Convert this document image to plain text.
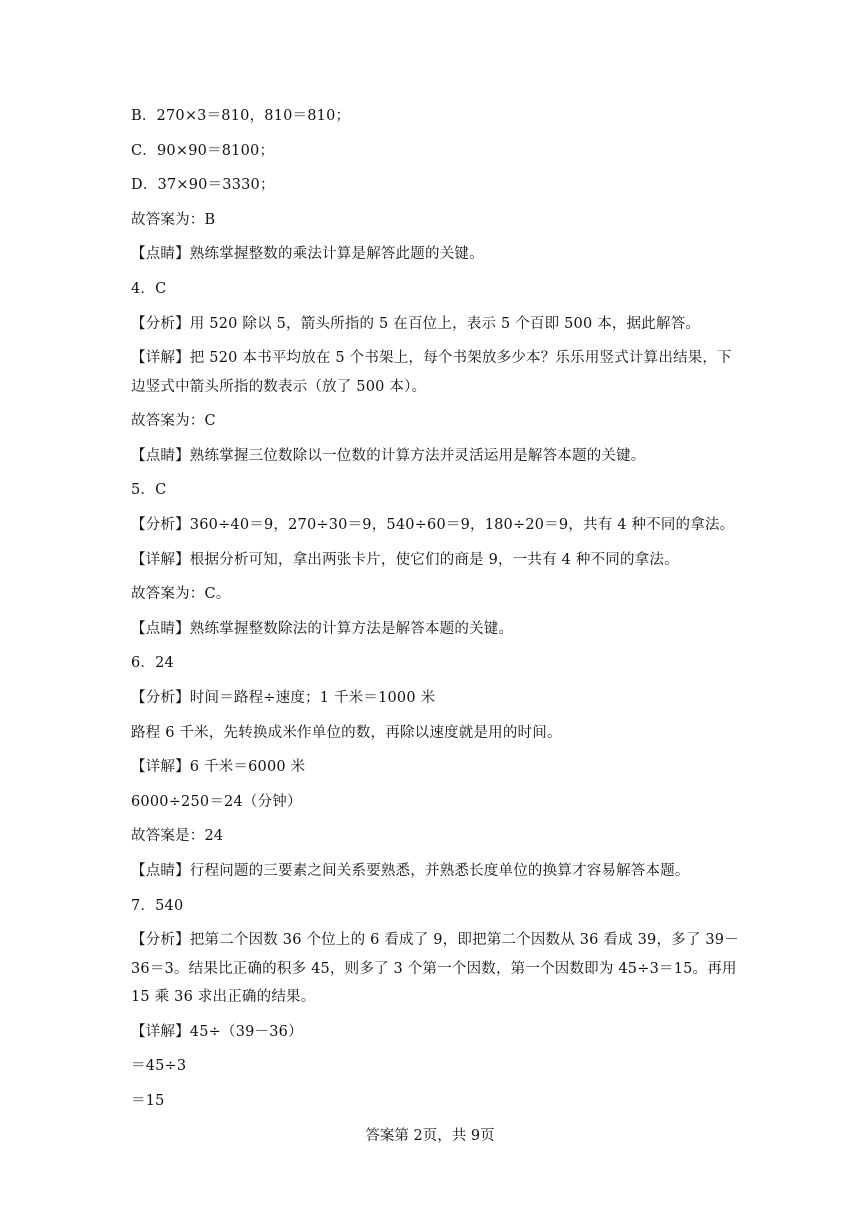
B．270×3＝810，810＝810；
C．90×90＝8100；
D．37×90＝3330；
故答案为：B
【点睛】熟练掌握整数的乘法计算是解答此题的关键。
4．C
【分析】用 520 除以 5，箭头所指的 5 在百位上，表示 5 个百即 500 本，据此解答。
【详解】把 520 本书平均放在 5 个书架上，每个书架放多少本？乐乐用竖式计算出结果，下
边竖式中箭头所指的数表示（放了 500 本）。
故答案为：C
【点睛】熟练掌握三位数除以一位数的计算方法并灵活运用是解答本题的关键。
5．C
【分析】360÷40＝9，270÷30＝9，540÷60＝9，180÷20＝9，共有 4 种不同的拿法。
【详解】根据分析可知，拿出两张卡片，使它们的商是 9，一共有 4 种不同的拿法。
故答案为：C。
【点睛】熟练掌握整数除法的计算方法是解答本题的关键。
6．24
【分析】时间＝路程÷速度；1 千米＝1000 米
路程 6 千米，先转换成米作单位的数，再除以速度就是用的时间。
【详解】6 千米＝6000 米
6000÷250＝24（分钟）
故答案是：24
【点睛】行程问题的三要素之间关系要熟悉，并熟悉长度单位的换算才容易解答本题。
7．540
【分析】把第二个因数 36 个位上的 6 看成了 9，即把第二个因数从 36 看成 39，多了 39－
36＝3。结果比正确的积多 45，则多了 3 个第一个因数，第一个因数即为 45÷3＝15。再用
15 乘 36 求出正确的结果。
【详解】45÷（39－36）
＝45÷3
＝15
答案第 2页，共 9页
